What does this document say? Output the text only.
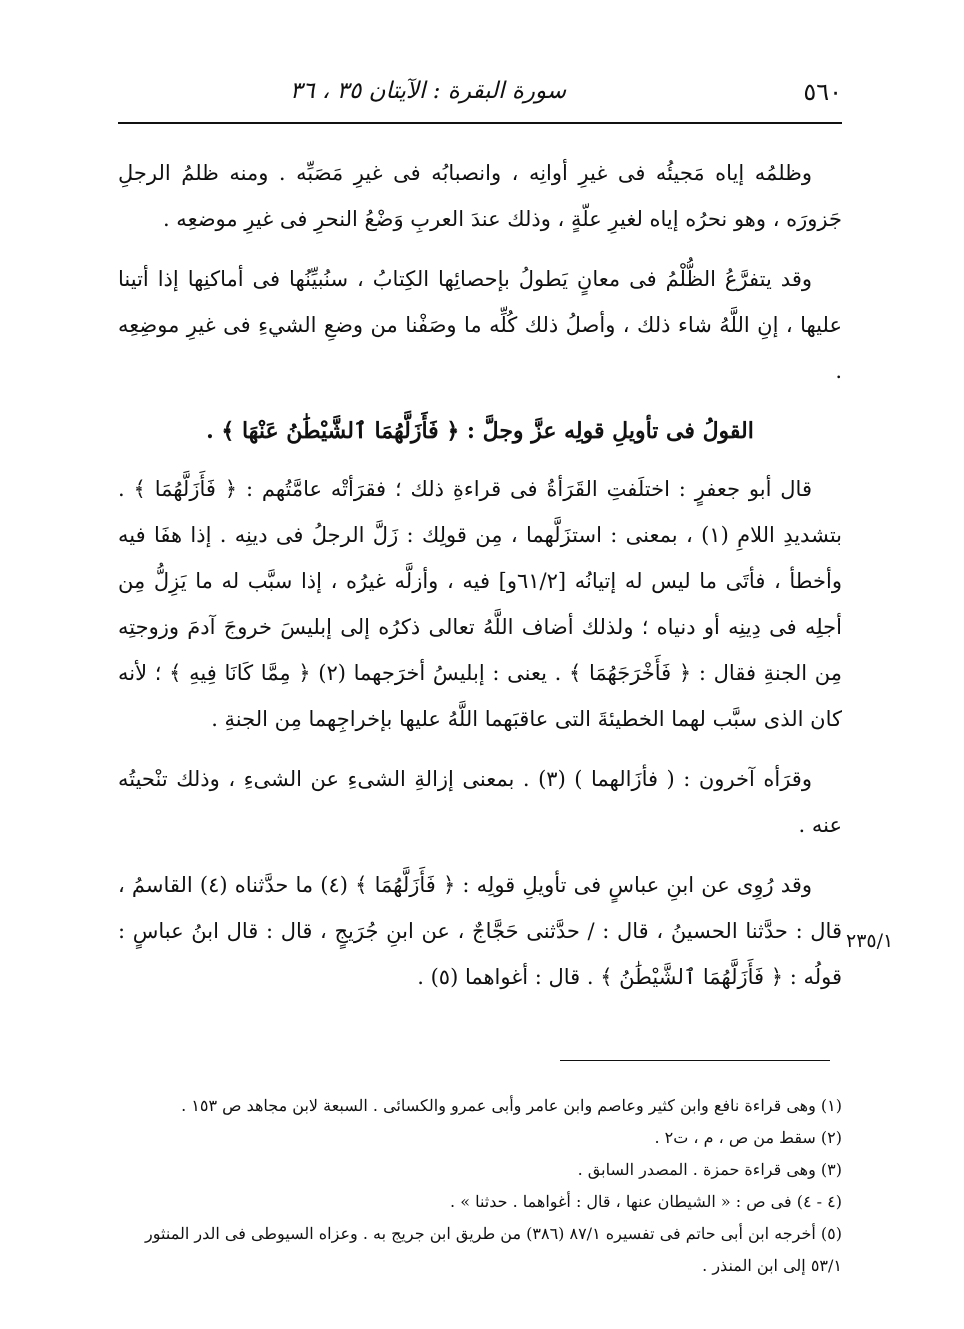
٥٦٠
سورة البقرة : الآيتان ٣٥ ، ٣٦

وظلمُه إياه مَجيئُه فى غيرِ أوانِه ، وانصبابُه فى غيرِ مَصَبِّه . ومنه ظلمُ الرجلِ جَزورَه ، وهو نحرُه إياه لغيرِ علّةٍ ، وذلك عندَ العربِ وَضْعُ النحرِ فى غيرِ موضعِه .

وقد يتفرَّعُ الظُّلْمُ فى معانٍ يَطولُ بإحصائِها الكِتابُ ، سنُبيِّنُها فى أماكنِها إذا أتينا عليها ، إنِ اللَّهُ شاء ذلك ، وأصلُ ذلك كُلِّه ما وصَفْنا من وضعِ الشيءِ فى غيرِ موضِعِه .

القولُ فى تأويلِ قولِه عزَّ وجلَّ : ﴿ فَأَزَلَّهُمَا ٱلشَّيْطَٰنُ عَنْهَا ﴾ .

قال أبو جعفرٍ : اختلَفتِ القَرَأةُ فى قراءةِ ذلك ؛ فقرَأتْه عامَّتُهم : ﴿ فَأَزَلَّهُمَا ﴾ . بتشديدِ اللامِ (١) ، بمعنى : استزَلَّهما ، مِن قولِك : زَلَّ الرجلُ فى دينِه . إذا هفَا فيه وأخطأ ، فأتَى ما ليس له إتيانُه [٦١/٢و] فيه ، وأزلَّه غيرُه ، إذا سبَّب له ما يَزِلُّ مِن أجلِه فى دِينِه أو دنياه ؛ ولذلك أضاف اللَّهُ تعالى ذكرُه إلى إبليسَ خروجَ آدمَ وزوجتِه مِن الجنةِ فقال : ﴿ فَأَخْرَجَهُمَا ﴾ . يعنى : إبليسُ أخرَجهما (٢) ﴿ مِمَّا كَانَا فِيهِ ﴾ ؛ لأنه كان الذى سبَّب لهما الخطيئةَ التى عاقبَهما اللَّهُ عليها بإخراجِهما مِن الجنةِ .

وقرَأه آخرون : ( فأزَالهما ) (٣) . بمعنى إزالةِ الشىءِ عن الشىءِ ، وذلك تنْحيتُه عنه .

وقد رُوِى عن ابنِ عباسٍ فى تأويلِ قولِه : ﴿ فَأَزَلَّهُمَا ﴾ (٤) ما حدَّثناه (٤) القاسمُ ، قال : حدَّثنا الحسينُ ، قال : / حدَّثنى حَجَّاجٌ ، عن ابنِ جُرَيجٍ ، قال : قال ابنُ عباسٍ : قولُه : ﴿ فَأَزَلَّهُمَا ٱلشَّيْطَٰنُ ﴾ . قال : أغواهما (٥) .

٢٣٥/١

(١) وهى قراءة نافع وابن كثير وعاصم وابن عامر وأبى عمرو والكسائى . السبعة لابن مجاهد ص ١٥٣ .

(٢) سقط من ص ، م ، ت٢ .

(٣) وهى قراءة حمزة . المصدر السابق .

(٤ - ٤) فى ص : « الشيطان عنها ، قال : أغواهما . حدثنا » .

(٥) أخرجه ابن أبى حاتم فى تفسيره ٨٧/١ (٣٨٦) من طريق ابن جريج به . وعزاه السيوطى فى الدر المنثور

٥٣/١ إلى ابن المنذر .
